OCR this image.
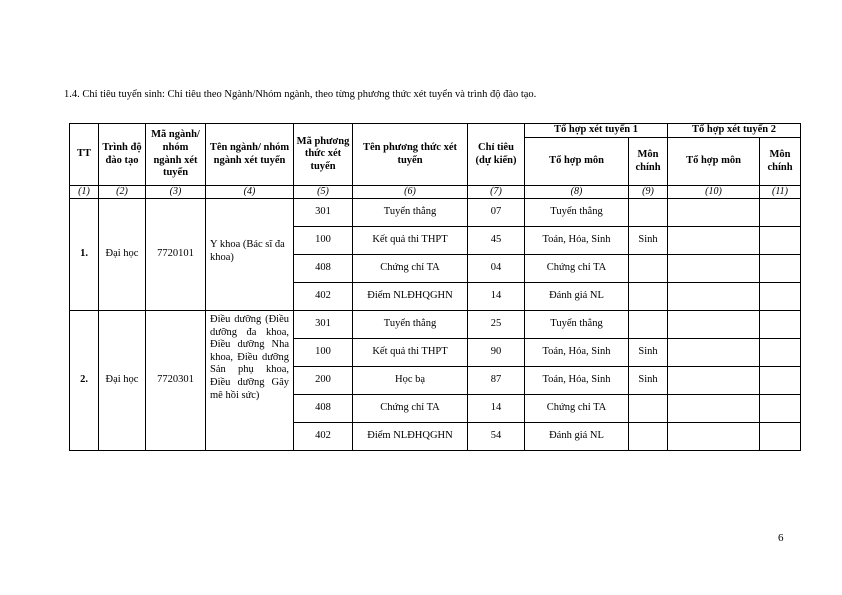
1.4. Chỉ tiêu tuyển sinh: Chỉ tiêu theo Ngành/Nhóm ngành, theo từng phương thức xét tuyển và trình độ đào tạo.
TT	Trình độ đào tạo	Mã ngành/ nhóm ngành xét tuyển	Tên ngành/ nhóm ngành xét tuyển	Mã phương thức xét tuyển	Tên phương thức xét tuyển	Chỉ tiêu (dự kiến)	Tổ hợp xét tuyển 1		Tổ hợp xét tuyển 2	
							Tổ hợp môn	Môn chính	Tổ hợp môn	Môn chính
(1)	(2)	(3)	(4)	(5)	(6)	(7)	(8)	(9)	(10)	(11)
1.	Đại học	7720101	Y khoa (Bác sĩ đa khoa)	301	Tuyển thẳng	07	Tuyển thẳng			
				100	Kết quả thi THPT	45	Toán, Hóa, Sinh	Sinh		
				408	Chứng chỉ TA	04	Chứng chỉ TA			
				402	Điểm NLĐHQGHN	14	Đánh giá NL			
2.	Đại học	7720301	Điều dưỡng (Điều dưỡng đa khoa, Điều dưỡng Nha khoa, Điều dưỡng Sản phụ khoa, Điều dưỡng Gây mê hồi sức)	301	Tuyển thẳng	25	Tuyển thẳng			
				100	Kết quả thi THPT	90	Toán, Hóa, Sinh	Sinh		
				200	Học bạ	87	Toán, Hóa, Sinh	Sinh		
				408	Chứng chỉ TA	14	Chứng chỉ TA			
				402	Điểm NLĐHQGHN	54	Đánh giá NL			
6
